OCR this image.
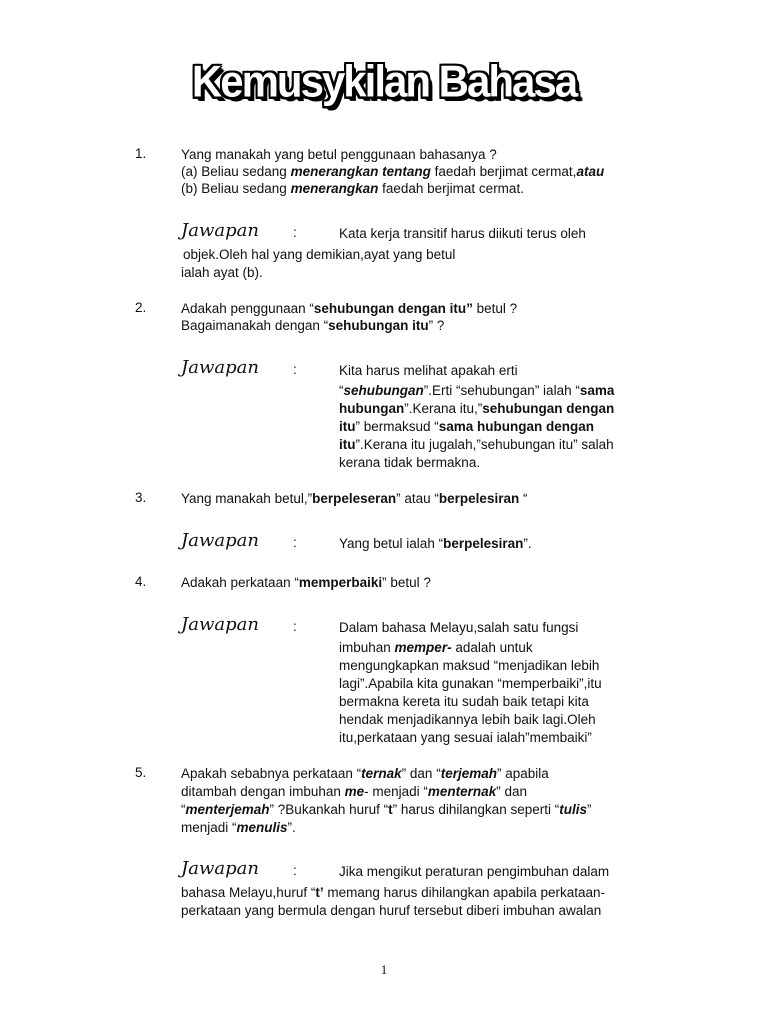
Kemusykilan Bahasa
1.	Yang manakah yang betul penggunaan bahasanya ?
(a) Beliau sedang menerangkan tentang faedah berjimat cermat,atau
(b) Beliau sedang menerangkan faedah berjimat cermat.
Jawapan	:	Kata kerja transitif harus diikuti terus oleh
objek.Oleh hal yang demikian,ayat yang betul
ialah ayat (b).
2.	Adakah penggunaan “sehubungan dengan itu” betul ?
Bagaimanakah dengan “sehubungan itu” ?
Jawapan	:	Kita harus melihat apakah erti
“sehubungan”.Erti “sehubungan” ialah “sama
hubungan”.Kerana itu,”sehubungan dengan
itu” bermaksud “sama hubungan dengan
itu”.Kerana itu jugalah,”sehubungan itu” salah
kerana tidak bermakna.
3.	Yang manakah betul,”berpeleseran” atau “berpelesiran “
Jawapan	:	Yang betul ialah “berpelesiran”.
4.	Adakah perkataan “memperbaiki” betul ?
Jawapan	:	Dalam bahasa Melayu,salah satu fungsi
imbuhan memper- adalah untuk
mengungkapkan maksud “menjadikan lebih
lagi”.Apabila kita gunakan “memperbaiki”,itu
bermakna kereta itu sudah baik tetapi kita
hendak menjadikannya lebih baik lagi.Oleh
itu,perkataan yang sesuai ialah”membaiki”
5.	Apakah sebabnya perkataan “ternak” dan “terjemah” apabila
ditambah dengan imbuhan me- menjadi “menternak” dan
“menterjemah” ?Bukankah huruf “t” harus dihilangkan seperti “tulis”
menjadi “menulis”.
Jawapan	:	Jika mengikut peraturan pengimbuhan dalam
bahasa Melayu,huruf “t’ memang harus dihilangkan apabila perkataan-
perkataan yang bermula dengan huruf tersebut diberi imbuhan awalan
1
